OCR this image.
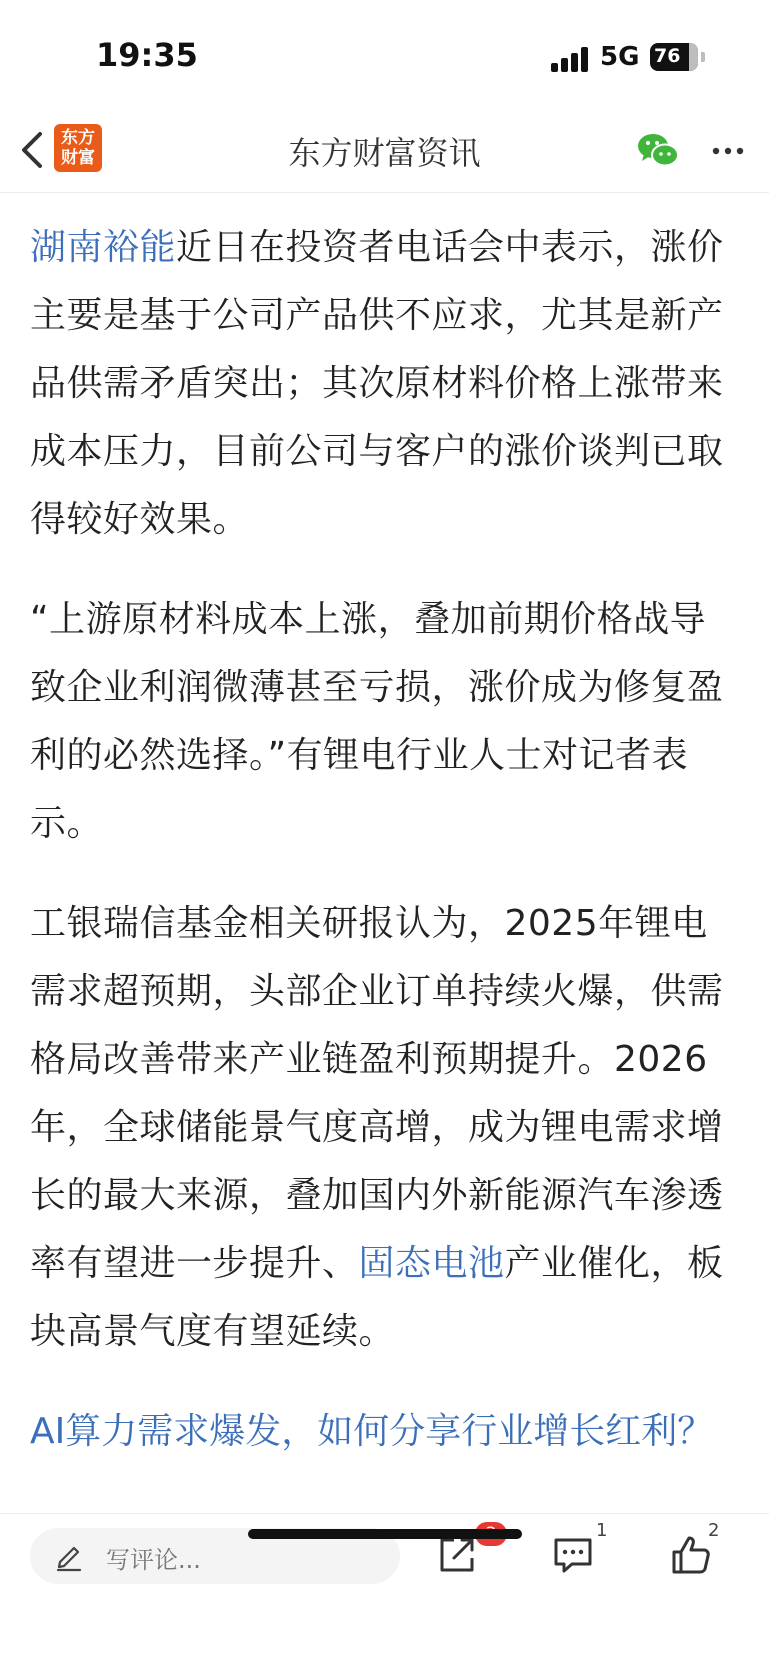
19:35	5G 76
东方
财富	东方财富资讯

湖南裕能近日在投资者电话会中表示，涨价主要是基于公司产品供不应求，尤其是新产品供需矛盾突出；其次原材料价格上涨带来成本压力，目前公司与客户的涨价谈判已取得较好效果。

“上游原材料成本上涨，叠加前期价格战导致企业利润微薄甚至亏损，涨价成为修复盈利的必然选择。”有锂电行业人士对记者表示。

工银瑞信基金相关研报认为，2025年锂电需求超预期，头部企业订单持续火爆，供需格局改善带来产业链盈利预期提升。2026年，全球储能景气度高增，成为锂电需求增长的最大来源，叠加国内外新能源汽车渗透率有望进一步提升、固态电池产业催化，板块高景气度有望延续。

AI算力需求爆发，如何分享行业增长红利？
写评论...
1	2
